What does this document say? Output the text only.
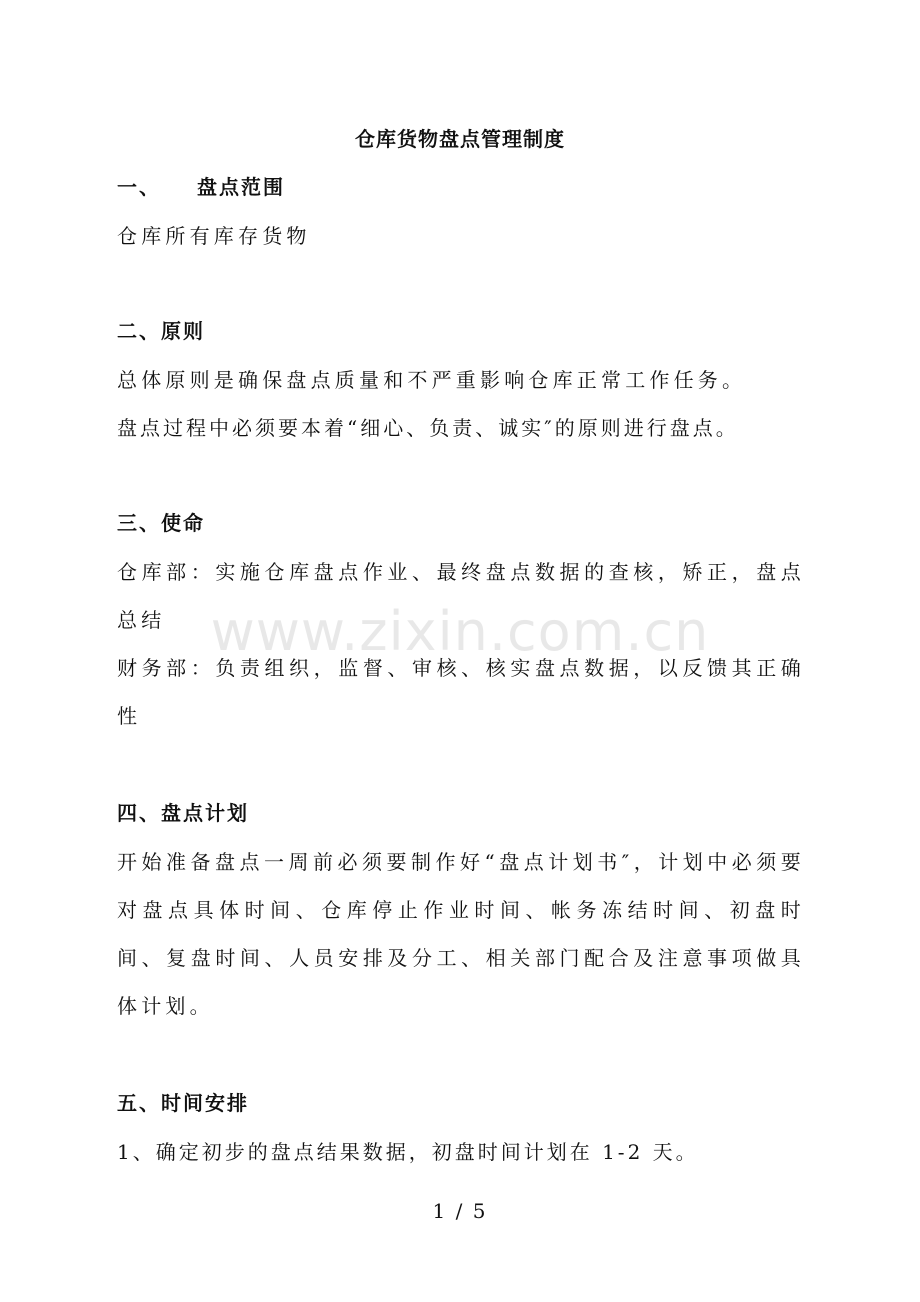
仓库货物盘点管理制度
一、 盘点范围
仓库所有库存货物
二、原则
总体原则是确保盘点质量和不严重影响仓库正常工作任务。
盘点过程中必须要本着“细心、负责、诚实″的原则进行盘点。
三、使命
仓库部：实施仓库盘点作业、最终盘点数据的查核，矫正，盘点总结
财务部：负责组织，监督、审核、核实盘点数据，以反馈其正确性
四、盘点计划
开始准备盘点一周前必须要制作好“盘点计划书″，计划中必须要对盘点具体时间、仓库停止作业时间、帐务冻结时间、初盘时间、复盘时间、人员安排及分工、相关部门配合及注意事项做具体计划。
五、时间安排
1、确定初步的盘点结果数据，初盘时间计划在 1-2 天。
www.zixin.com.cn
1 / 5
